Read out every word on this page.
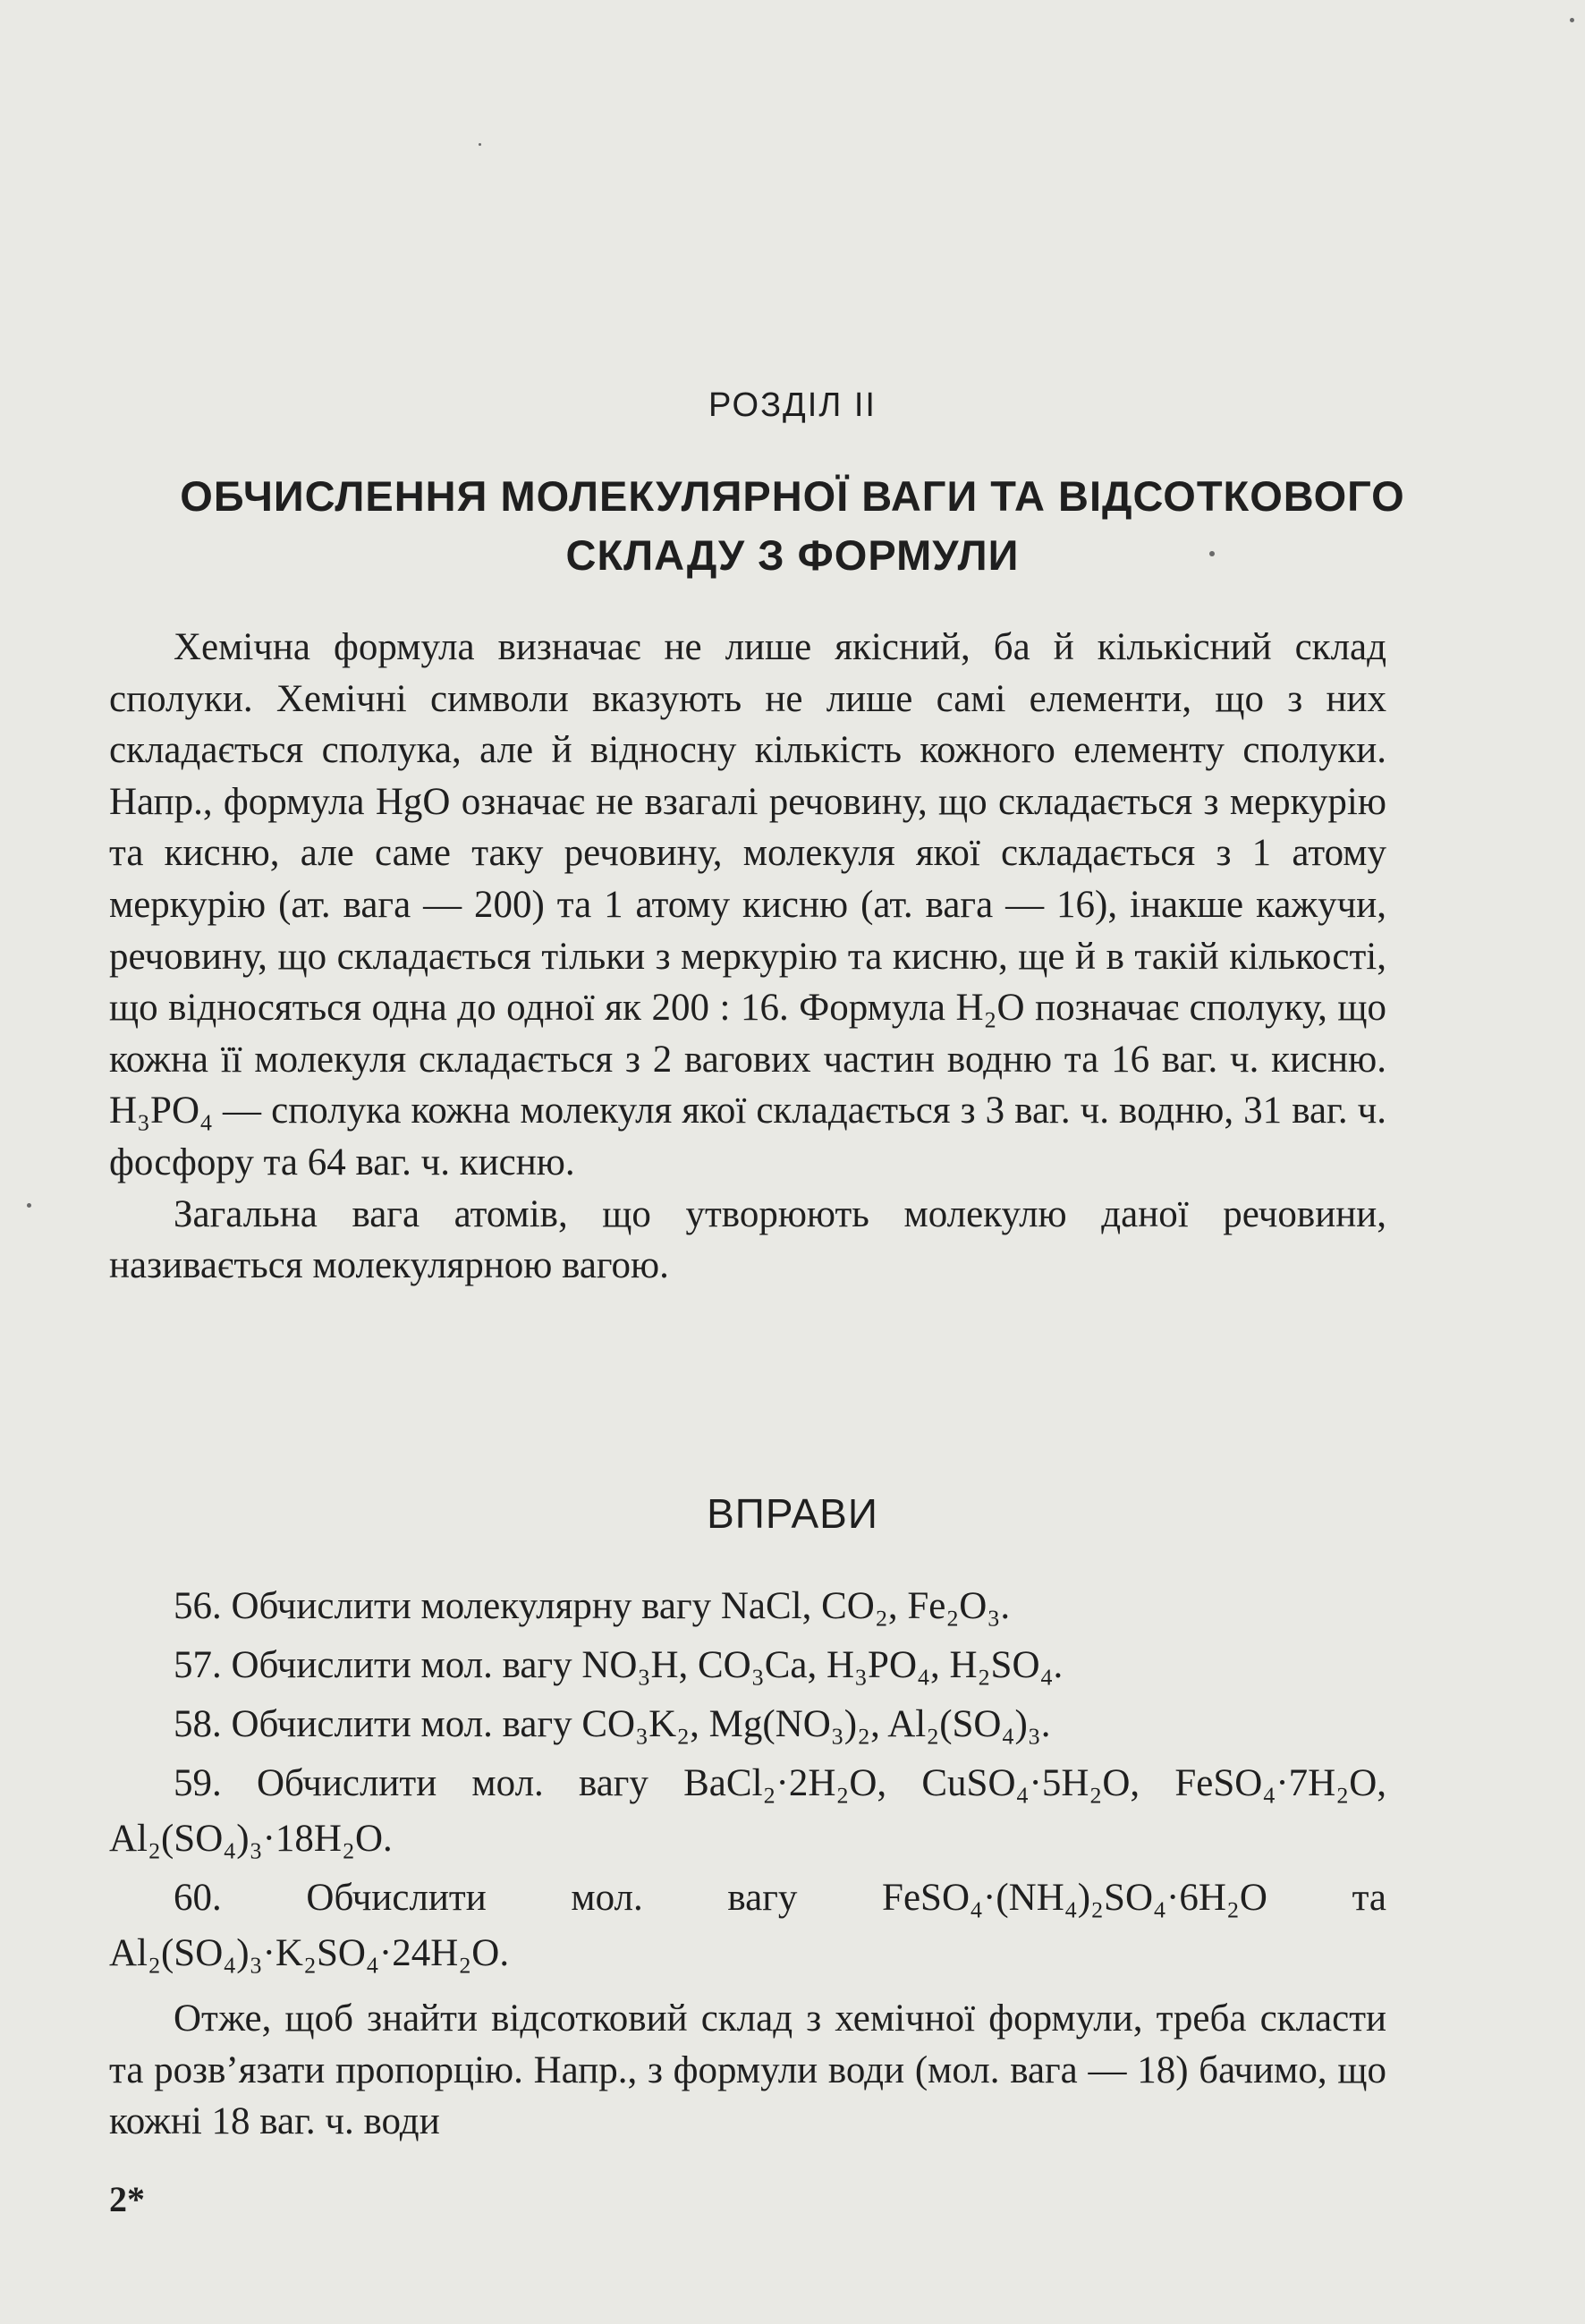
РОЗДІЛ II
ОБЧИСЛЕННЯ МОЛЕКУЛЯРНОЇ ВАГИ ТА ВІДСОТКОВОГО
СКЛАДУ З ФОРМУЛИ

Хемічна формула визначає не лише якісний, ба й кількісний склад сполуки. Хемічні символи вказують не лише самі елементи, що з них складається сполука, але й відносну кількість кожного елементу сполуки. Напр., формула HgO означає не взагалі речовину, що складається з меркурію та кисню, але саме таку речовину, молекуля якої складається з 1 атому меркурію (ат. вага — 200) та 1 атому кисню (ат. вага — 16), інакше кажучи, речовину, що складається тільки з меркурію та кисню, ще й в такій кількості, що відносяться одна до одної як 200 : 16. Формула H₂O позначає сполуку, що кожна її молекуля складається з 2 вагових частин водню та 16 ваг. ч. кисню. H₃PO₄ — сполука кожна молекуля якої складається з 3 ваг. ч. водню, 31 ваг. ч. фосфору та 64 ваг. ч. кисню.

Загальна вага атомів, що утворюють молекулю даної речовини, називається молекулярною вагою.

ВПРАВИ

56. Обчислити молекулярну вагу NaCl, CO₂, Fe₂O₃.

57. Обчислити мол. вагу NO₃H, CO₃Ca, H₃PO₄, H₂SO₄.

58. Обчислити мол. вагу CO₃K₂, Mg(NO₃)₂, Al₂(SO₄)₃.

59. Обчислити мол. вагу BaCl₂·2H₂O, CuSO₄·5H₂O, FeSO₄·7H₂O, Al₂(SO₄)₃·18H₂O.

60. Обчислити мол. вагу FeSO₄·(NH₄)₂SO₄·6H₂O та Al₂(SO₄)₃·K₂SO₄·24H₂O.

Отже, щоб знайти відсотковий склад з хемічної формули, треба скласти та розв’язати пропорцію. Напр., з формули води (мол. вага — 18) бачимо, що кожні 18 ваг. ч. води

2*
